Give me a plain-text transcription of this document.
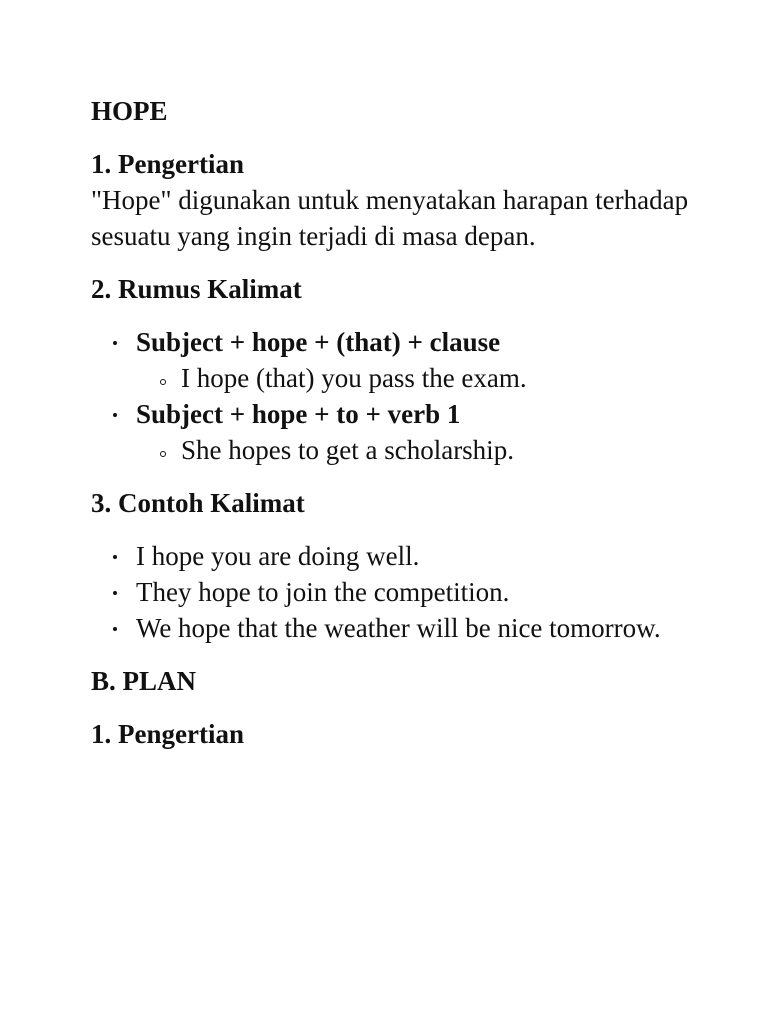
HOPE
1. Pengertian

"Hope" digunakan untuk menyatakan harapan terhadap sesuatu yang ingin terjadi di masa depan.

2. Rumus Kalimat
Subject + hope + (that) + clause
I hope (that) you pass the exam.
Subject + hope + to + verb 1
She hopes to get a scholarship.
3. Contoh Kalimat
I hope you are doing well.
They hope to join the competition.
We hope that the weather will be nice tomorrow.
B. PLAN
1. Pengertian
